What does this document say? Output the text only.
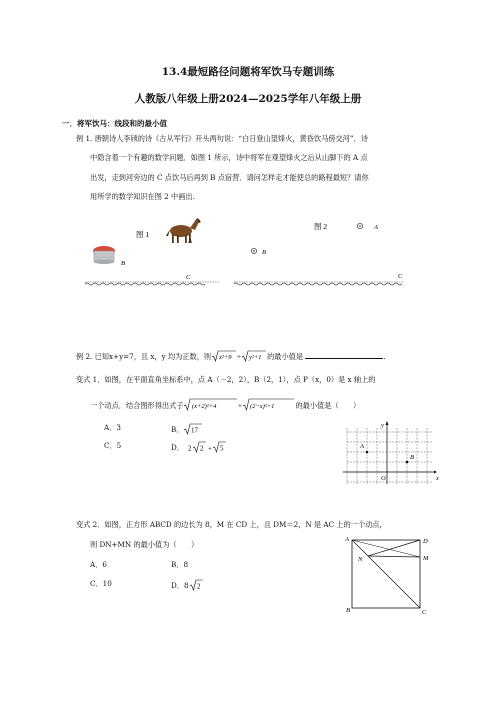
13.4最短路径问题将军饮马专题训练
人教版八年级上册2024—2025学年八年级上册
一．将军饮马：线段和的最小值
例 1. 唐朝诗人李颀的诗《古从军行》开头两句说：“白日登山望烽火，黄昏饮马傍交河”．诗
中隐含着一个有趣的数学问题．如图 1 所示，诗中将军在观望烽火之后从山脚下的 A 点
出发，走到河旁边的 C 点饮马后再到 B 点宿营．请问怎样走才能使总的路程最短？请你
用所学的数学知识在图 2 中画出.
图 1
A
B
C
图 2	A
B
C
例 2. 已知x+y=7，且 x，y 均为正数，则 x²+9 + y²+1 的最小值是	.
变式 1．如图，在平面直角坐标系中，点 A（－2，2），B（2，1），点 P（x，0）是 x 轴上的
一个动点．结合图形得出式子 (x+2)²+4	+ (2−x)²+1	的最小值是（　　）
A．3	B． 17
C．5	D． 2 2 + 5
x
y
O
A
B
变式 2．如图，正方形 ABCD 的边长为 8，M 在 CD 上，且 DM＝2，N 是 AC 上的一个动点，
则 DN+MN 的最小值为（　　）
A．6	B．8
C．10	D．8 2
A	D
M
N
B	C
